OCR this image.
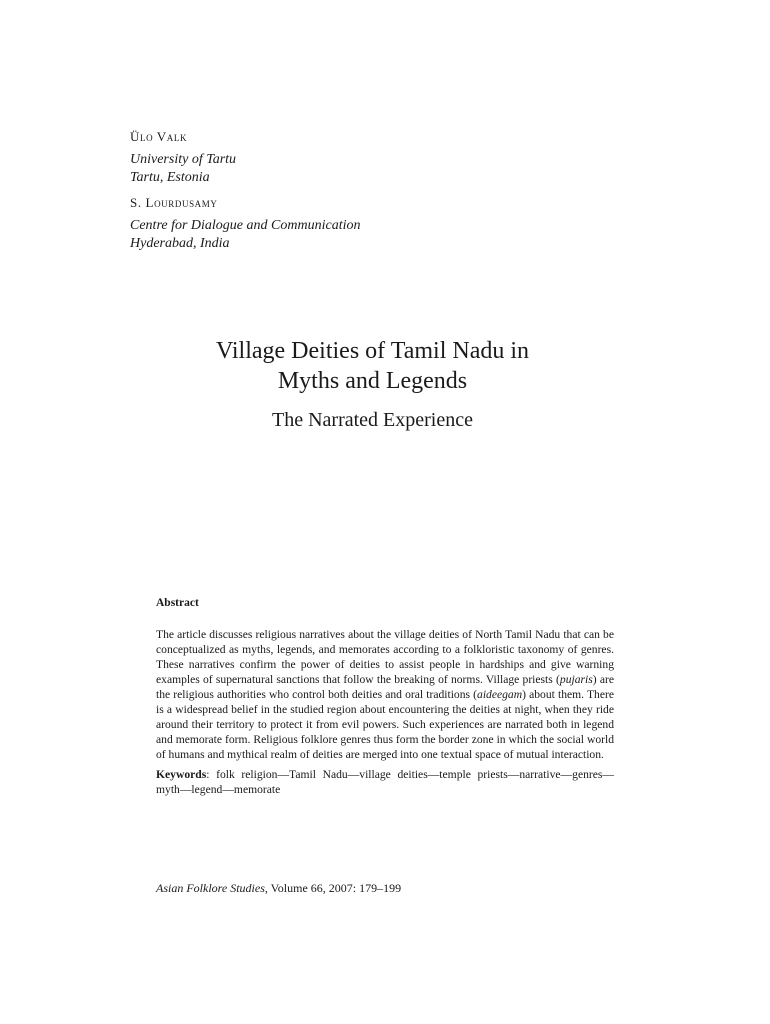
Ülo Valk

University of Tartu

Tartu, Estonia

S. Lourdusamy

Centre for Dialogue and Communication

Hyderabad, India

Village Deities of Tamil Nadu in
Myths and Legends
The Narrated Experience

Abstract

The article discusses religious narratives about the village deities of North Tamil Nadu that can be conceptualized as myths, legends, and memorates according to a folkloristic taxonomy of genres. These narratives confirm the power of deities to assist people in hardships and give warning examples of supernatural sanctions that follow the breaking of norms. Village priests (pujaris) are the religious authorities who control both deities and oral traditions (aideegam) about them. There is a widespread belief in the studied region about encountering the deities at night, when they ride around their territory to protect it from evil powers. Such experiences are narrated both in legend and memorate form. Religious folklore genres thus form the border zone in which the social world of humans and mythical realm of deities are merged into one textual space of mutual interaction.

Keywords: folk religion—Tamil Nadu—village deities—temple priests—narrative—genres—myth—legend—memorate

Asian Folklore Studies, Volume 66, 2007: 179–199
